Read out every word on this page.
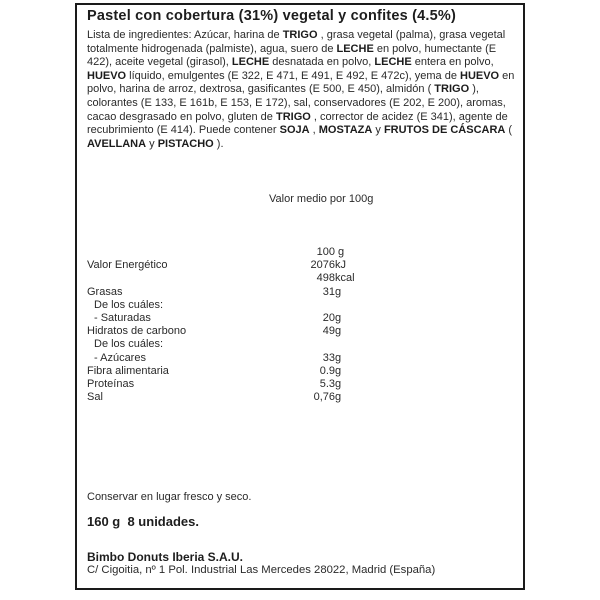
Pastel con cobertura (31%) vegetal y confites (4.5%)
Lista de ingredientes: Azúcar, harina de TRIGO , grasa vegetal (palma), grasa vegetal totalmente hidrogenada (palmiste), agua, suero de LECHE en polvo, humectante (E 422), aceite vegetal (girasol), LECHE desnatada en polvo, LECHE entera en polvo, HUEVO líquido, emulgentes (E 322, E 471, E 491, E 492, E 472c), yema de HUEVO en polvo, harina de arroz, dextrosa, gasificantes (E 500, E 450), almidón ( TRIGO ), colorantes (E 133, E 161b, E 153, E 172), sal, conservadores (E 202, E 200), aromas, cacao desgrasado en polvo, gluten de TRIGO , corrector de acidez (E 341), agente de recubrimiento (E 414). Puede contener SOJA , MOSTAZA y FRUTOS DE CÁSCARA ( AVELLANA y PISTACHO ).
Valor medio por 100g
100 g
Valor Energético	2076 kJ
498 kcal
Grasas	31 g
De los cuáles:
- Saturadas	20 g
Hidratos de carbono	49 g
De los cuáles:
- Azúcares	33 g
Fibra alimentaria	0.9 g
Proteínas	5.3 g
Sal	0,76 g
Conservar en lugar fresco y seco.
160 g  8 unidades.
Bimbo Donuts Iberia S.A.U.
C/ Cigoitia, nº 1 Pol. Industrial Las Mercedes 28022, Madrid (España)
